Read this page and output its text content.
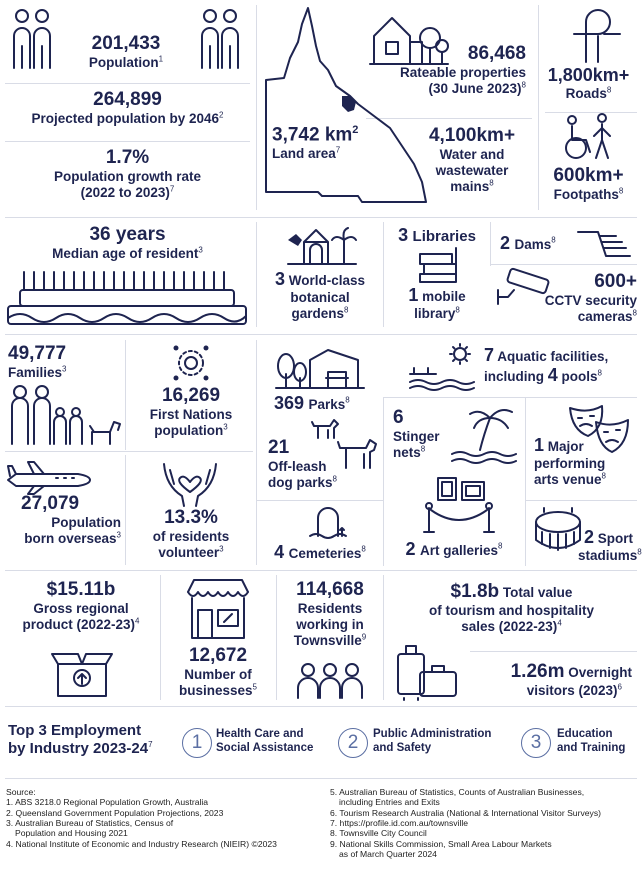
201,433
Population$^1$
264,899
Projected population by 2046$^2$
1.7%
Population growth rate
(2022 to 2023)$^7$
3,742 $km^2$
Land area$^7$
86,468
Rateable properties
(30 June 2023)$^8$
4,100km+
Water and
wastewater
mains$^8$
1,800km+
Roads$^8$
600km+
Footpaths$^8$
36 years
Median age of resident$^3$
3 World-class
botanical
gardens$^8$
3 Libraries
1 mobile
library$^8$
2 Dams$^8$
600+
CCTV security
cameras$^8$
49,777
Families$^3$
16,269
First Nations
population$^3$
369 Parks$^8$
21
Off-leash
dog parks$^8$
7 Aquatic facilities,
including 4 pools$^8$
6
Stinger
nets$^8$	1 Major
performing
arts venue$^8$
27,079
Population
born overseas$^3$
13.3%
of residents
volunteer$^3$	4 Cemeteries$^8$	2 Art galleries$^8$	2 Sport
stadiums$^8$
$15.11b
Gross regional
product (2022-23)$^4$
12,672
Number of
businesses$^5$
114,668
Residents
working in
Townsville$^9$
$1.8b Total value
of tourism and hospitality
sales (2022-23)$^4$
1.26m Overnight
visitors $(2023)^6$
Top 3 Employment
by Industry $2023-24^7$	1	Health Care and
Social Assistance	2	Public Administration
and Safety	3	Education
and Training
Source:
1. ABS 3218.0 Regional Population Growth, Australia
2. Queensland Government Population Projections, 2023
3. Australian Bureau of Statistics, Census of
Population and Housing 2021
4. National Institute of Economic and Industry Research (NIEIR) ©2023
5. Australian Bureau of Statistics, Counts of Australian Businesses,
including Entries and Exits
6. Tourism Research Australia (National & International Visitor Surveys)
7. https://profile.id.com.au/townsville
8. Townsville City Council
9. National Skills Commission, Small Area Labour Markets
as of March Quarter 2024
